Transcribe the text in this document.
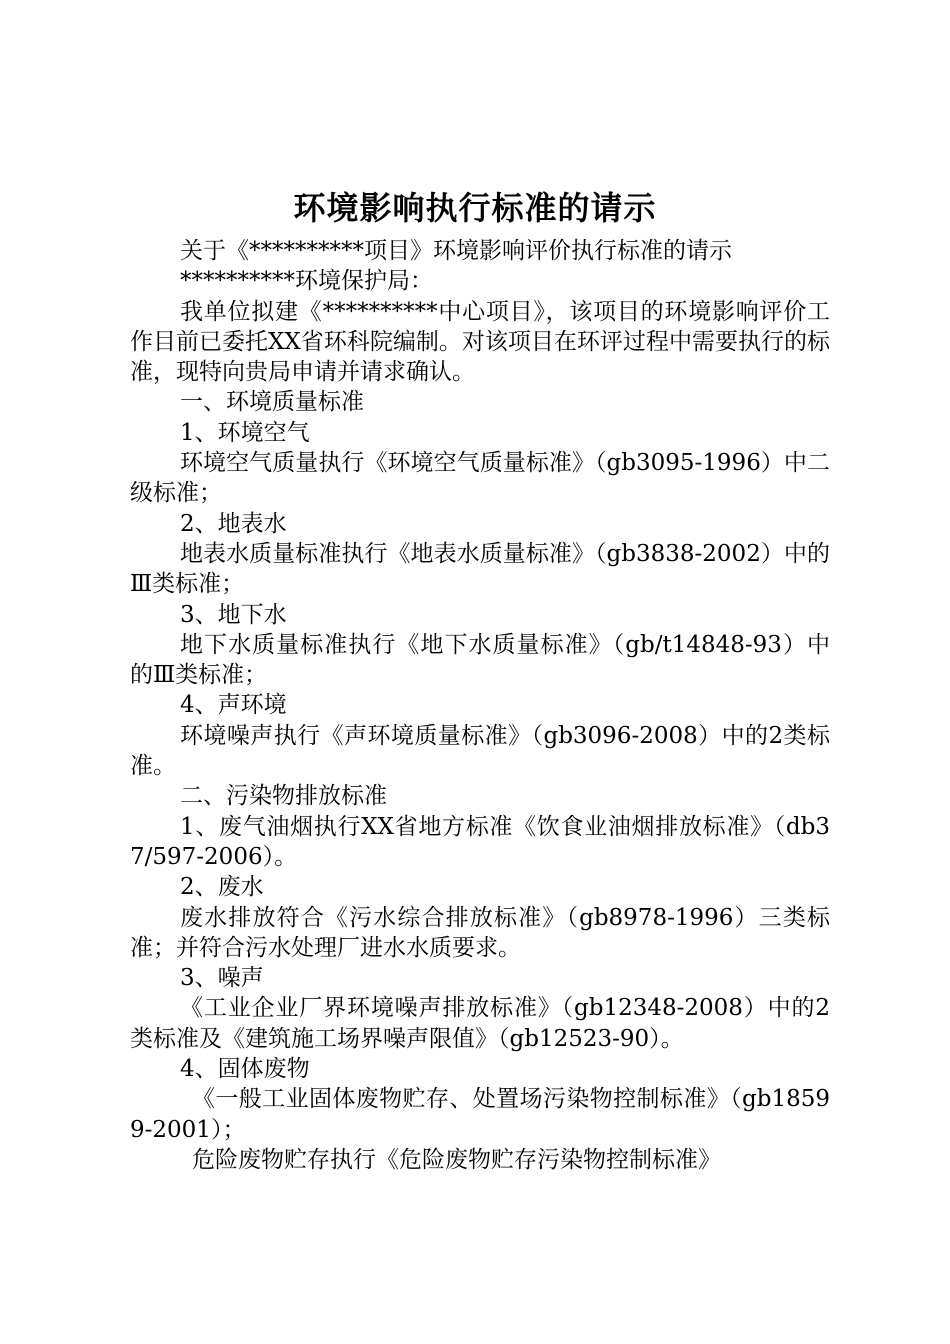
环境影响执行标准的请示

关于《**********项目》环境影响评价执行标准的请示

**********环境保护局：

我单位拟建《**********中心项目》，该项目的环境影响评价工作目前已委托XX省环科院编制。对该项目在环评过程中需要执行的标准，现特向贵局申请并请求确认。

一、环境质量标准

1、环境空气

环境空气质量执行《环境空气质量标准》（gb3095-1996）中二级标准；

2、地表水

地表水质量标准执行《地表水质量标准》（gb3838-2002）中的Ⅲ类标准；

3、地下水

地下水质量标准执行《地下水质量标准》（gb/t14848-93）中的Ⅲ类标准；

4、声环境

环境噪声执行《声环境质量标准》（gb3096-2008）中的2类标准。

二、污染物排放标准

1、废气油烟执行XX省地方标准《饮食业油烟排放标准》（db37/597-2006）。

2、废水

废水排放符合《污水综合排放标准》（gb8978-1996）三类标准；并符合污水处理厂进水水质要求。

3、噪声

《工业企业厂界环境噪声排放标准》（gb12348-2008）中的2类标准及《建筑施工场界噪声限值》（gb12523-90）。

4、固体废物

《一般工业固体废物贮存、处置场污染物控制标准》（gb18599-2001）；

危险废物贮存执行《危险废物贮存污染物控制标准》
